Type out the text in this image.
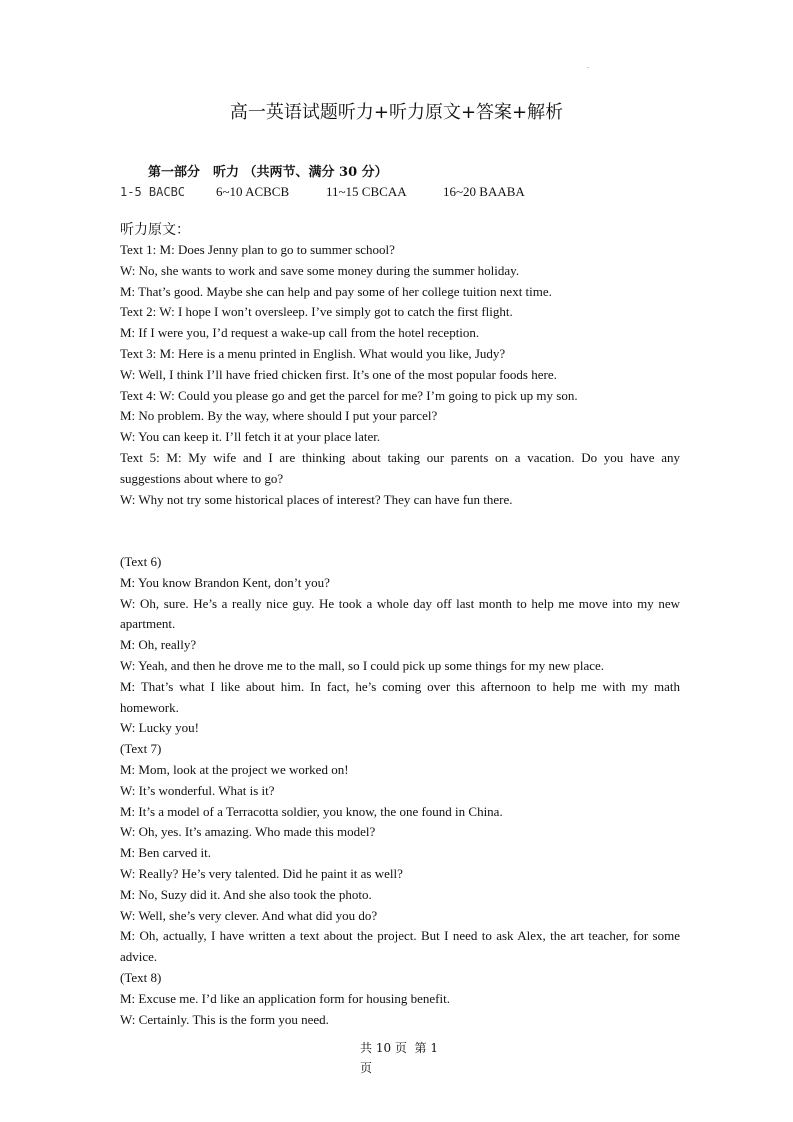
.
高一英语试题听力+听力原文+答案+解析
第一部分　听力 （共两节、满分 30 分）
1-5 BACBC 6~10 ACBCB	11~15 CBCAA	16~20 BAABA
听力原文：
Text 1: M: Does Jenny plan to go to summer school?
W: No, she wants to work and save some money during the summer holiday.
M: That’s good. Maybe she can help and pay some of her college tuition next time.
Text 2: W: I hope I won’t oversleep. I’ve simply got to catch the first flight.
M: If I were you, I’d request a wake-up call from the hotel reception.
Text 3: M: Here is a menu printed in English. What would you like, Judy?
W: Well, I think I’ll have fried chicken first. It’s one of the most popular foods here.
Text 4: W: Could you please go and get the parcel for me? I’m going to pick up my son.
M: No problem. By the way, where should I put your parcel?
W: You can keep it. I’ll fetch it at your place later.
Text 5: M: My wife and I are thinking about taking our parents on a vacation. Do you have any
suggestions about where to go?
W: Why not try some historical places of interest? They can have fun there.
(Text 6)
M: You know Brandon Kent, don’t you?
W: Oh, sure. He’s a really nice guy. He took a whole day off last month to help me move into my new
apartment.
M: Oh, really?
W: Yeah, and then he drove me to the mall, so I could pick up some things for my new place.
M: That’s what I like about him. In fact, he’s coming over this afternoon to help me with my math
homework.
W: Lucky you!
(Text 7)
M: Mom, look at the project we worked on!
W: It’s wonderful. What is it?
M: It’s a model of a Terracotta soldier, you know, the one found in China.
W: Oh, yes. It’s amazing. Who made this model?
M: Ben carved it.
W: Really? He’s very talented. Did he paint it as well?
M: No, Suzy did it. And she also took the photo.
W: Well, she’s very clever. And what did you do?
M: Oh, actually, I have written a text about the project. But I need to ask Alex, the art teacher, for some
advice.
(Text 8)
M: Excuse me. I’d like an application form for housing benefit.
W: Certainly. This is the form you need.
共 10 页  第 1
页
